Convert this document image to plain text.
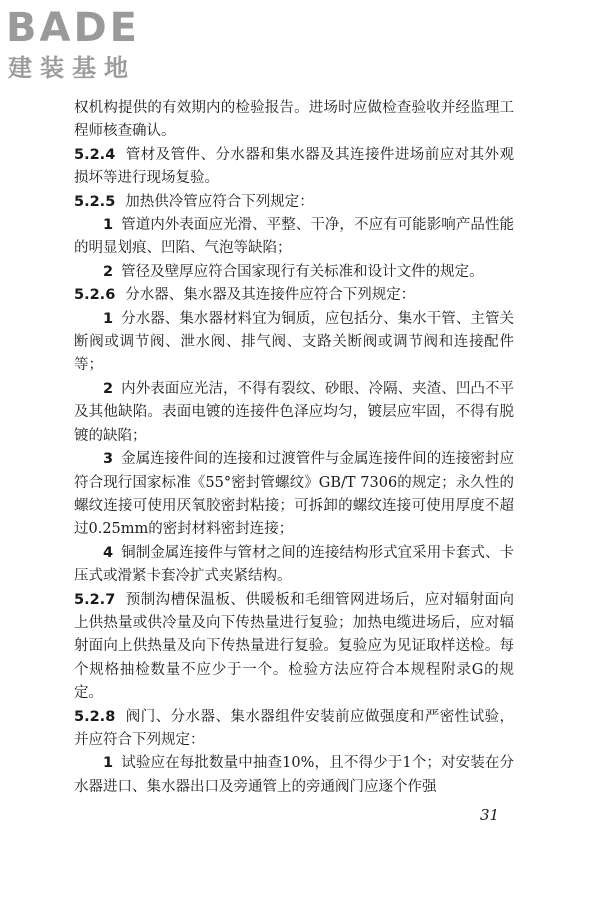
BADE
建装基地

权机构提供的有效期内的检验报告。进场时应做检查验收并经监理工程师核查确认。

5.2.4 管材及管件、分水器和集水器及其连接件进场前应对其外观损坏等进行现场复验。

5.2.5 加热供冷管应符合下列规定：

1 管道内外表面应光滑、平整、干净，不应有可能影响产品性能的明显划痕、凹陷、气泡等缺陷；

2 管径及壁厚应符合国家现行有关标准和设计文件的规定。

5.2.6 分水器、集水器及其连接件应符合下列规定：

1 分水器、集水器材料宜为铜质，应包括分、集水干管、主管关断阀或调节阀、泄水阀、排气阀、支路关断阀或调节阀和连接配件等；

2 内外表面应光洁，不得有裂纹、砂眼、冷隔、夹渣、凹凸不平及其他缺陷。表面电镀的连接件色泽应均匀，镀层应牢固，不得有脱镀的缺陷；

3 金属连接件间的连接和过渡管件与金属连接件间的连接密封应符合现行国家标准《55°密封管螺纹》GB/T 7306的规定；永久性的螺纹连接可使用厌氧胶密封粘接；可拆卸的螺纹连接可使用厚度不超过0.25mm的密封材料密封连接；

4 铜制金属连接件与管材之间的连接结构形式宜采用卡套式、卡压式或滑紧卡套冷扩式夹紧结构。

5.2.7 预制沟槽保温板、供暖板和毛细管网进场后，应对辐射面向上供热量或供冷量及向下传热量进行复验；加热电缆进场后，应对辐射面向上供热量及向下传热量进行复验。复验应为见证取样送检。每个规格抽检数量不应少于一个。检验方法应符合本规程附录G的规定。

5.2.8 阀门、分水器、集水器组件安装前应做强度和严密性试验，并应符合下列规定：

1 试验应在每批数量中抽查10%，且不得少于1个；对安装在分水器进口、集水器出口及旁通管上的旁通阀门应逐个作强

31
